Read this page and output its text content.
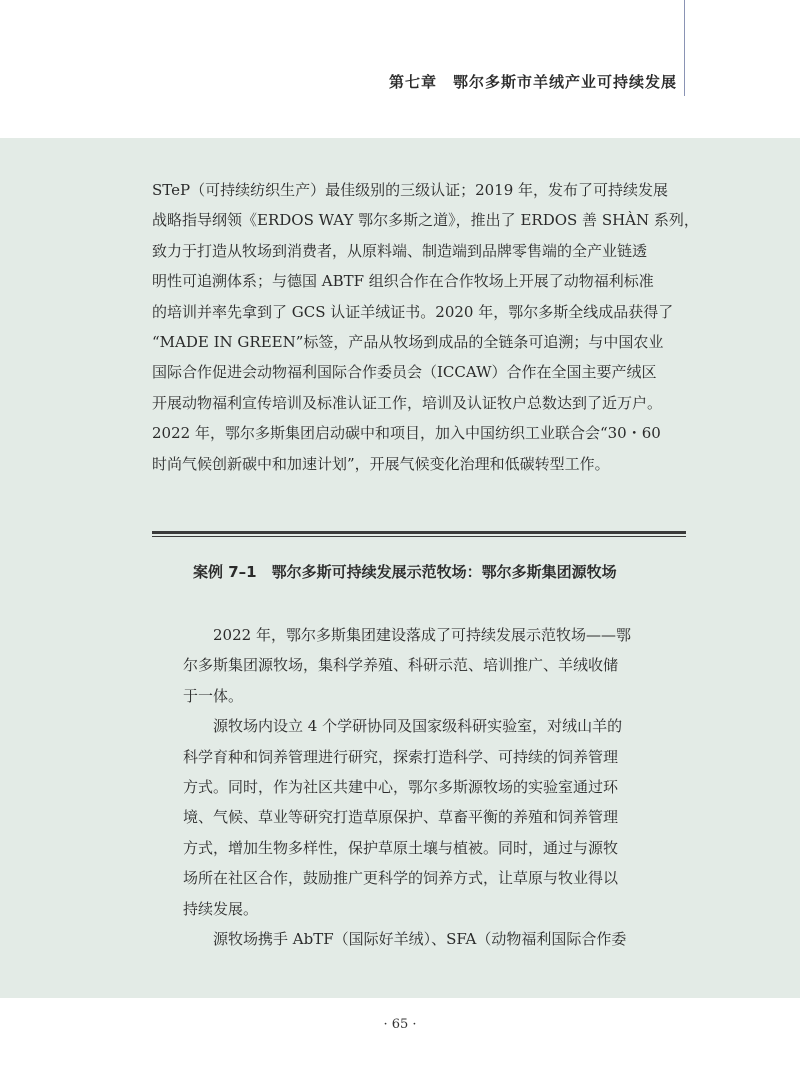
第七章　鄂尔多斯市羊绒产业可持续发展
STeP（可持续纺织生产）最佳级别的三级认证；2019 年，发布了可持续发展
战略指导纲领《ERDOS WAY 鄂尔多斯之道》，推出了 ERDOS 善 SHÀN 系列，
致力于打造从牧场到消费者，从原料端、制造端到品牌零售端的全产业链透
明性可追溯体系；与德国 ABTF 组织合作在合作牧场上开展了动物福利标准
的培训并率先拿到了 GCS 认证羊绒证书。2020 年，鄂尔多斯全线成品获得了
“MADE IN GREEN”标签，产品从牧场到成品的全链条可追溯；与中国农业
国际合作促进会动物福利国际合作委员会（ICCAW）合作在全国主要产绒区
开展动物福利宣传培训及标准认证工作，培训及认证牧户总数达到了近万户。
2022 年，鄂尔多斯集团启动碳中和项目，加入中国纺织工业联合会“30・60
时尚气候创新碳中和加速计划”，开展气候变化治理和低碳转型工作。
案例 7–1　鄂尔多斯可持续发展示范牧场：鄂尔多斯集团源牧场
　　2022 年，鄂尔多斯集团建设落成了可持续发展示范牧场——鄂
尔多斯集团源牧场，集科学养殖、科研示范、培训推广、羊绒收储
于一体。
　　源牧场内设立 4 个学研协同及国家级科研实验室，对绒山羊的
科学育种和饲养管理进行研究，探索打造科学、可持续的饲养管理
方式。同时，作为社区共建中心，鄂尔多斯源牧场的实验室通过环
境、气候、草业等研究打造草原保护、草畜平衡的养殖和饲养管理
方式，增加生物多样性，保护草原土壤与植被。同时，通过与源牧
场所在社区合作，鼓励推广更科学的饲养方式，让草原与牧业得以
持续发展。
　　源牧场携手 AbTF（国际好羊绒）、SFA（动物福利国际合作委
· 65 ·
